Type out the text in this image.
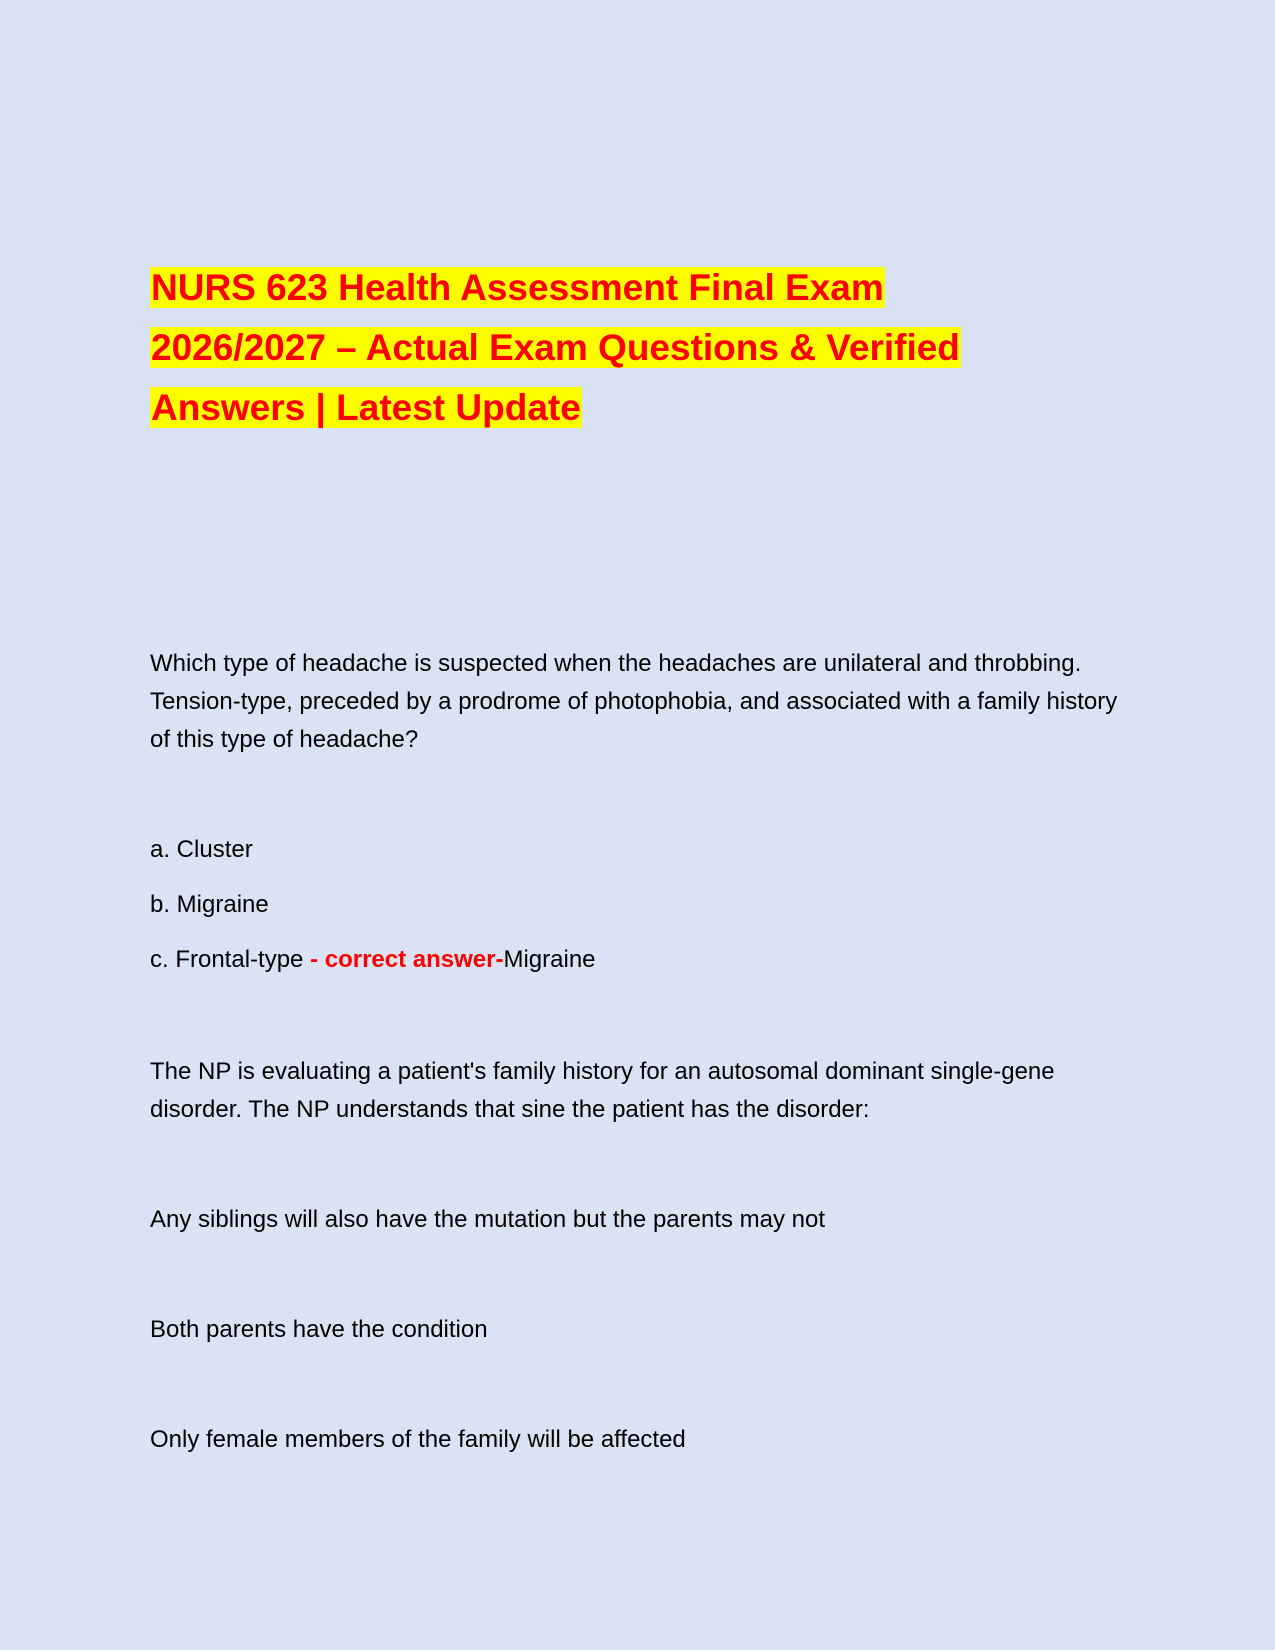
NURS 623 Health Assessment Final Exam
2026/2027 – Actual Exam Questions & Verified
Answers | Latest Update

Which type of headache is suspected when the headaches are unilateral and throbbing. Tension-type, preceded by a prodrome of photophobia, and associated with a family history of this type of headache?

a. Cluster

b. Migraine

c. Frontal-type - correct answer-Migraine

The NP is evaluating a patient's family history for an autosomal dominant single-gene disorder. The NP understands that sine the patient has the disorder:

Any siblings will also have the mutation but the parents may not

Both parents have the condition

Only female members of the family will be affected
